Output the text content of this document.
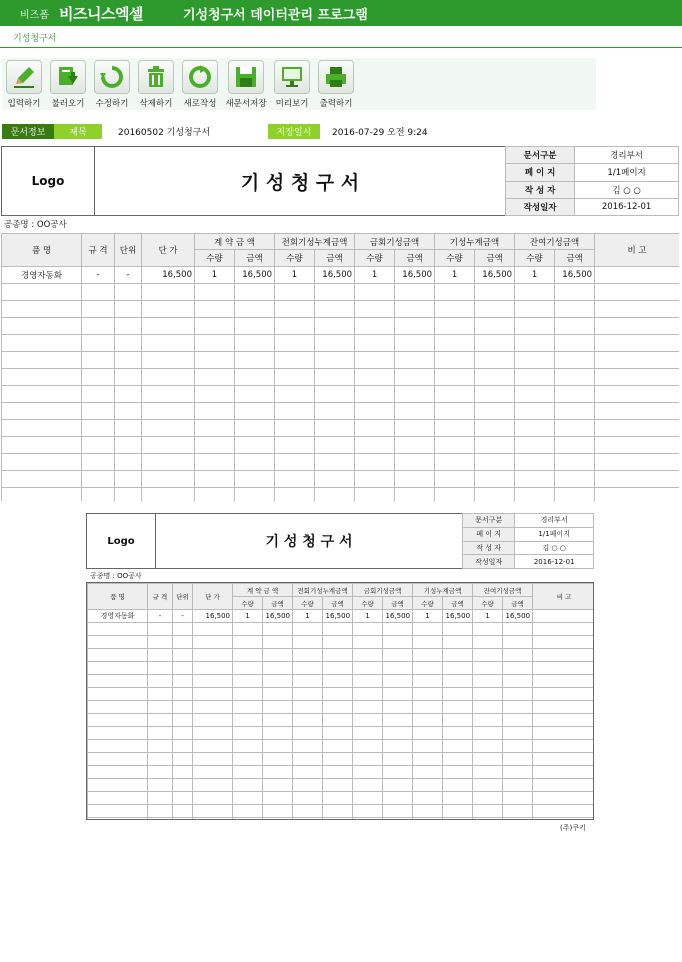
비즈폼 비즈니스엑셀	기성청구서 데이터관리 프로그램
기성청구서
입력하기 불러오기 수정하기 삭제하기 새로작성 새문서저장 미리보기 출력하기
문서정보	제목	20160502 기성청구서	저장일시	2016-07-29 오전 9:24
Logo	기 성 청 구 서
문서구분	경리부서
페 이 지	1/1페이지
작 성 자	김 ○ ○
작성일자	2016-12-01
공종명 : OO공사
품 명	규 격	단위	단 가	계 약 금 액		전회기성누계금액		금회기성금액		기성누계금액		잔여기성금액		비 고
				수량	금액	수량	금액	수량	금액	수량	금액	수량	금액	
경영자동화	-	-	16,500	1	16,500	1	16,500	1	16,500	1	16,500	1	16,500	

Logo	기 성 청 구 서
문서구분	경리부서
페 이 지	1/1페이지
작 성 자	김 ○ ○
작성일자	2016-12-01
공종명 : OO공사
품 명	규 격	단위	단 가	계 약 금 액		전회기성누계금액		금회기성금액		기성누계금액		잔여기성금액		비 고
				수량	금액	수량	금액	수량	금액	수량	금액	수량	금액	
경영자동화	-	-	16,500	1	16,500	1	16,500	1	16,500	1	16,500	1	16,500	

(주)쿠키
